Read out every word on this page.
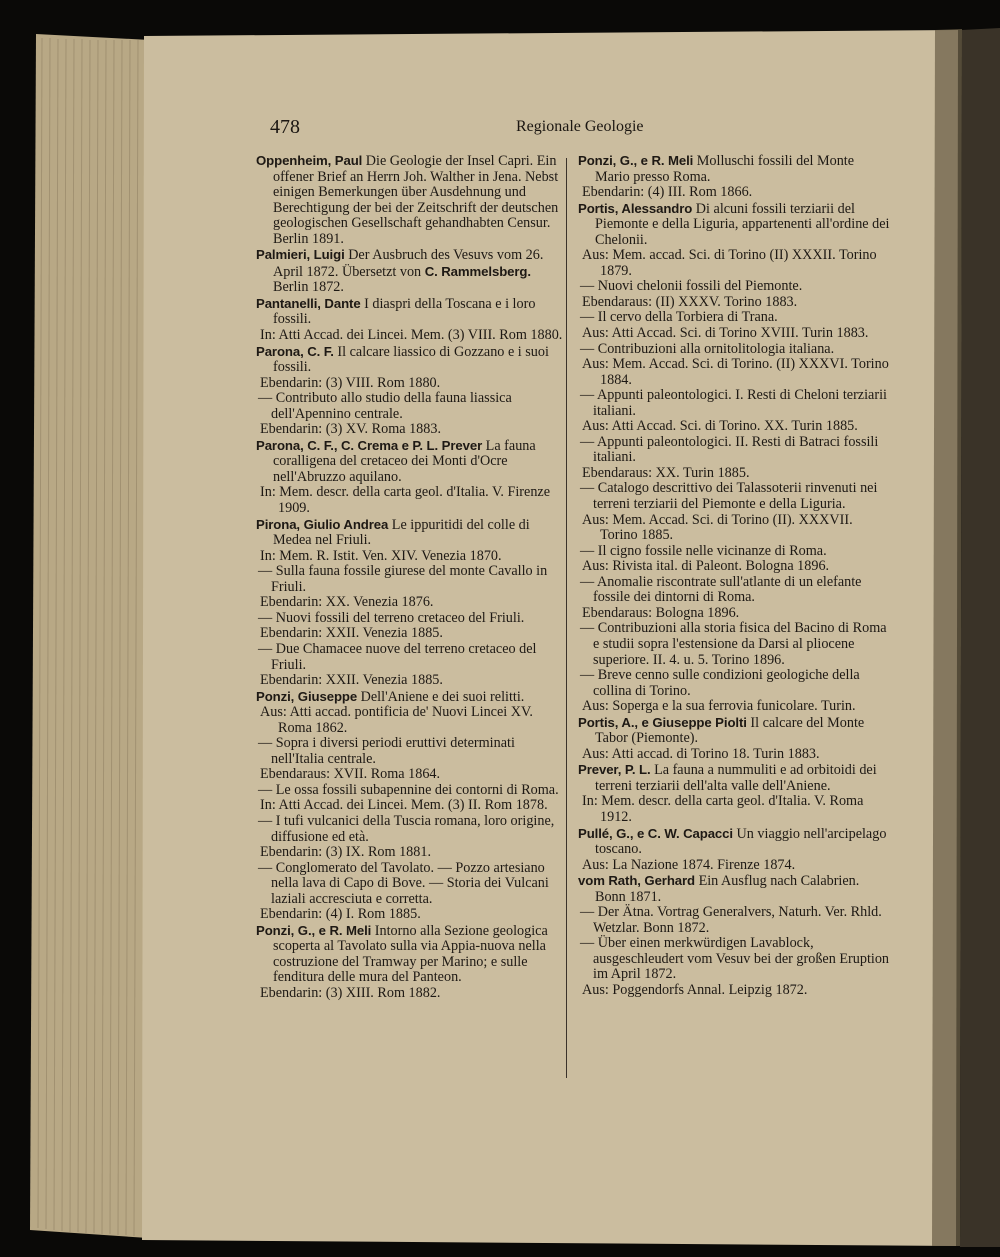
478	Regionale Geologie

Oppenheim, Paul Die Geologie der Insel Capri. Ein offener Brief an Herrn Joh. Walther in Jena. Nebst einigen Bemerkungen über Ausdehnung und Berechtigung der bei der Zeitschrift der deutschen geologischen Gesellschaft gehandhabten Censur. Berlin 1891.

Palmieri, Luigi Der Ausbruch des Vesuvs vom 26. April 1872. Übersetzt von C. Rammelsberg. Berlin 1872.

Pantanelli, Dante I diaspri della Toscana e i loro fossili.

In: Atti Accad. dei Lincei. Mem. (3) VIII. Rom 1880.

Parona, C. F. Il calcare liassico di Gozzano e i suoi fossili.

Ebendarin: (3) VIII. Rom 1880.

— Contributo allo studio della fauna liassica dell'Apennino centrale.

Ebendarin: (3) XV. Roma 1883.

Parona, C. F., C. Crema e P. L. Prever La fauna coralligena del cretaceo dei Monti d'Ocre nell'Abruzzo aquilano.

In: Mem. descr. della carta geol. d'Italia. V. Firenze 1909.

Pirona, Giulio Andrea Le ippuritidi del colle di Medea nel Friuli.

In: Mem. R. Istit. Ven. XIV. Venezia 1870.

— Sulla fauna fossile giurese del monte Cavallo in Friuli.

Ebendarin: XX. Venezia 1876.

— Nuovi fossili del terreno cretaceo del Friuli.

Ebendarin: XXII. Venezia 1885.

— Due Chamacee nuove del terreno cretaceo del Friuli.

Ebendarin: XXII. Venezia 1885.

Ponzi, Giuseppe Dell'Aniene e dei suoi relitti.

Aus: Atti accad. pontificia de' Nuovi Lincei XV. Roma 1862.

— Sopra i diversi periodi eruttivi determinati nell'Italia centrale.

Ebendaraus: XVII. Roma 1864.

— Le ossa fossili subapennine dei contorni di Roma.

In: Atti Accad. dei Lincei. Mem. (3) II. Rom 1878.

— I tufi vulcanici della Tuscia romana, loro origine, diffusione ed età.

Ebendarin: (3) IX. Rom 1881.

— Conglomerato del Tavolato. — Pozzo artesiano nella lava di Capo di Bove. — Storia dei Vulcani laziali accresciuta e corretta.

Ebendarin: (4) I. Rom 1885.

Ponzi, G., e R. Meli Intorno alla Sezione geologica scoperta al Tavolato sulla via Appia-nuova nella costruzione del Tramway per Marino; e sulle fenditura delle mura del Panteon.

Ebendarin: (3) XIII. Rom 1882.

Ponzi, G., e R. Meli Molluschi fossili del Monte Mario presso Roma.

Ebendarin: (4) III. Rom 1866.

Portis, Alessandro Di alcuni fossili terziarii del Piemonte e della Liguria, appartenenti all'ordine dei Chelonii.

Aus: Mem. accad. Sci. di Torino (II) XXXII. Torino 1879.

— Nuovi chelonii fossili del Piemonte.

Ebendaraus: (II) XXXV. Torino 1883.

— Il cervo della Torbiera di Trana.

Aus: Atti Accad. Sci. di Torino XVIII. Turin 1883.

— Contribuzioni alla ornitolitologia italiana.

Aus: Mem. Accad. Sci. di Torino. (II) XXXVI. Torino 1884.

— Appunti paleontologici. I. Resti di Cheloni terziarii italiani.

Aus: Atti Accad. Sci. di Torino. XX. Turin 1885.

— Appunti paleontologici. II. Resti di Batraci fossili italiani.

Ebendaraus: XX. Turin 1885.

— Catalogo descrittivo dei Talassoterii rinvenuti nei terreni terziarii del Piemonte e della Liguria.

Aus: Mem. Accad. Sci. di Torino (II). XXXVII. Torino 1885.

— Il cigno fossile nelle vicinanze di Roma.

Aus: Rivista ital. di Paleont. Bologna 1896.

— Anomalie riscontrate sull'atlante di un elefante fossile dei dintorni di Roma.

Ebendaraus: Bologna 1896.

— Contribuzioni alla storia fisica del Bacino di Roma e studii sopra l'estensione da Darsi al pliocene superiore. II. 4. u. 5. Torino 1896.

— Breve cenno sulle condizioni geologiche della collina di Torino.

Aus: Soperga e la sua ferrovia funicolare. Turin.

Portis, A., e Giuseppe Piolti Il calcare del Monte Tabor (Piemonte).

Aus: Atti accad. di Torino 18. Turin 1883.

Prever, P. L. La fauna a nummuliti e ad orbitoidi dei terreni terziarii dell'alta valle dell'Aniene.

In: Mem. descr. della carta geol. d'Italia. V. Roma 1912.

Pullé, G., e C. W. Capacci Un viaggio nell'arcipelago toscano.

Aus: La Nazione 1874. Firenze 1874.

vom Rath, Gerhard Ein Ausflug nach Calabrien. Bonn 1871.

— Der Ätna. Vortrag Generalvers, Naturh. Ver. Rhld. Wetzlar. Bonn 1872.

— Über einen merkwürdigen Lavablock, ausgeschleudert vom Vesuv bei der großen Eruption im April 1872.

Aus: Poggendorfs Annal. Leipzig 1872.
